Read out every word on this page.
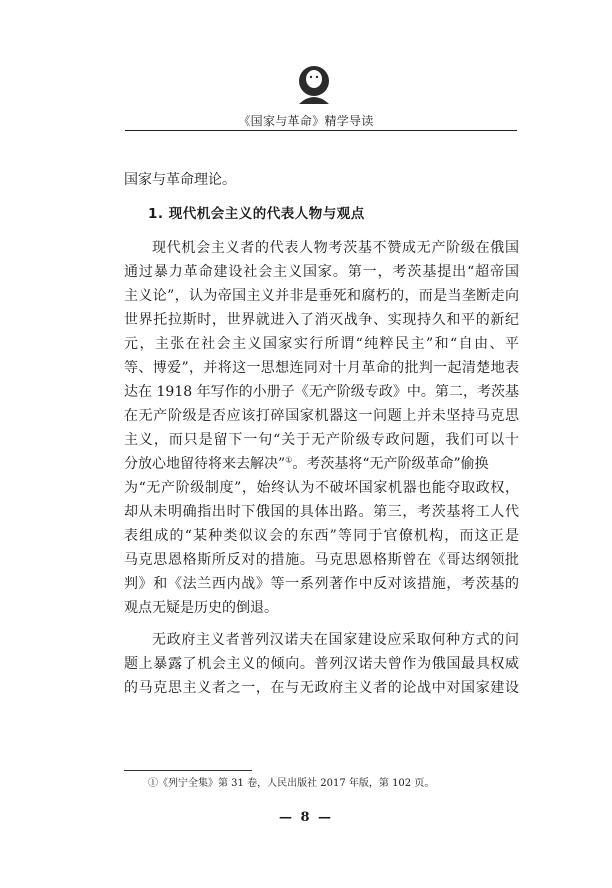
《国家与革命》精学导读
国家与革命理论。
1. 现代机会主义的代表人物与观点
现代机会主义者的代表人物考茨基不赞成无产阶级在俄国
通过暴力革命建设社会主义国家。第一，考茨基提出“超帝国
主义论”，认为帝国主义并非是垂死和腐朽的，而是当垄断走向
世界托拉斯时，世界就进入了消灭战争、实现持久和平的新纪
元，主张在社会主义国家实行所谓“纯粹民主”和“自由、平
等、博爱”，并将这一思想连同对十月革命的批判一起清楚地表
达在 1918 年写作的小册子《无产阶级专政》中。第二，考茨基
在无产阶级是否应该打碎国家机器这一问题上并未坚持马克思
主义，而只是留下一句“关于无产阶级专政问题，我们可以十
分放心地留待将来去解决”①。考茨基将“无产阶级革命”偷换
为“无产阶级制度”，始终认为不破坏国家机器也能夺取政权，
却从未明确指出时下俄国的具体出路。第三，考茨基将工人代
表组成的“某种类似议会的东西”等同于官僚机构，而这正是
马克思恩格斯所反对的措施。马克思恩格斯曾在《哥达纲领批
判》和《法兰西内战》等一系列著作中反对该措施，考茨基的
观点无疑是历史的倒退。
无政府主义者普列汉诺夫在国家建设应采取何种方式的问
题上暴露了机会主义的倾向。普列汉诺夫曾作为俄国最具权威
的马克思主义者之一，在与无政府主义者的论战中对国家建设
①《列宁全集》第 31 卷，人民出版社 2017 年版，第 102 页。
— 8 —
